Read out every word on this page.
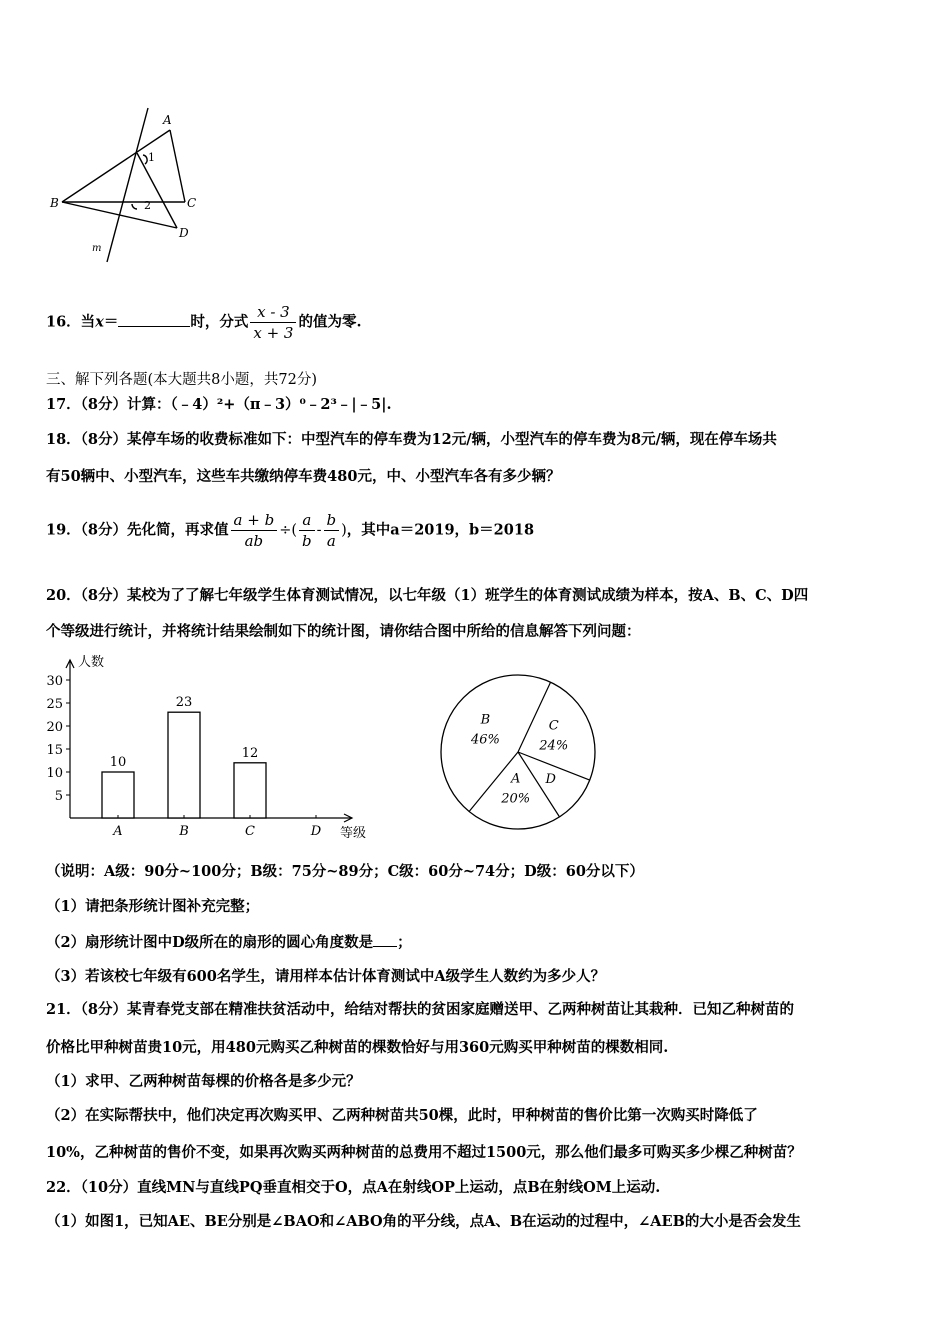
A
B	C
D
m
1
2
16．当x＝	时，分式 $\frac{x - 3}{x + 3}$ 的值为零.
三、解下列各题(本大题共8小题，共72分)
17．（8分）计算：（﹣4）²+（π﹣3）⁰﹣2³﹣|﹣5|.
18．（8分）某停车场的收费标准如下：中型汽车的停车费为12元/辆，小型汽车的停车费为8元/辆，现在停车场共
有50辆中、小型汽车，这些车共缴纳停车费480元，中、小型汽车各有多少辆？
19．（8分）先化简，再求值 $\frac{a + b}{ab}$ ÷( $\frac{a}{b} - \frac{b}{a}$ )，其中a＝2019，b＝2018
20．（8分）某校为了了解七年级学生体育测试情况，以七年级（1）班学生的体育测试成绩为样本，按A、B、C、D四
个等级进行统计，并将统计结果绘制如下的统计图，请你结合图中所给的信息解答下列问题：
5
10
15
20
25
30
10
A
23
B
12
C	D
人数
等级
C
24%
D
A
20%
B
46%
（说明：A级：90分~100分；B级：75分~89分；C级：60分~74分；D级：60分以下）
（1）请把条形统计图补充完整；
（2）扇形统计图中D级所在的扇形的圆心角度数是 ；
（3）若该校七年级有600名学生，请用样本估计体育测试中A级学生人数约为多少人？
21．（8分）某青春党支部在精准扶贫活动中，给结对帮扶的贫困家庭赠送甲、乙两种树苗让其栽种．已知乙种树苗的
价格比甲种树苗贵10元，用480元购买乙种树苗的棵数恰好与用360元购买甲种树苗的棵数相同.
（1）求甲、乙两种树苗每棵的价格各是多少元？
（2）在实际帮扶中，他们决定再次购买甲、乙两种树苗共50棵，此时，甲种树苗的售价比第一次购买时降低了
10%，乙种树苗的售价不变，如果再次购买两种树苗的总费用不超过1500元，那么他们最多可购买多少棵乙种树苗？
22．（10分）直线MN与直线PQ垂直相交于O，点A在射线OP上运动，点B在射线OM上运动.
（1）如图1，已知AE、BE分别是∠BAO和∠ABO角的平分线，点A、B在运动的过程中，∠AEB的大小是否会发生
